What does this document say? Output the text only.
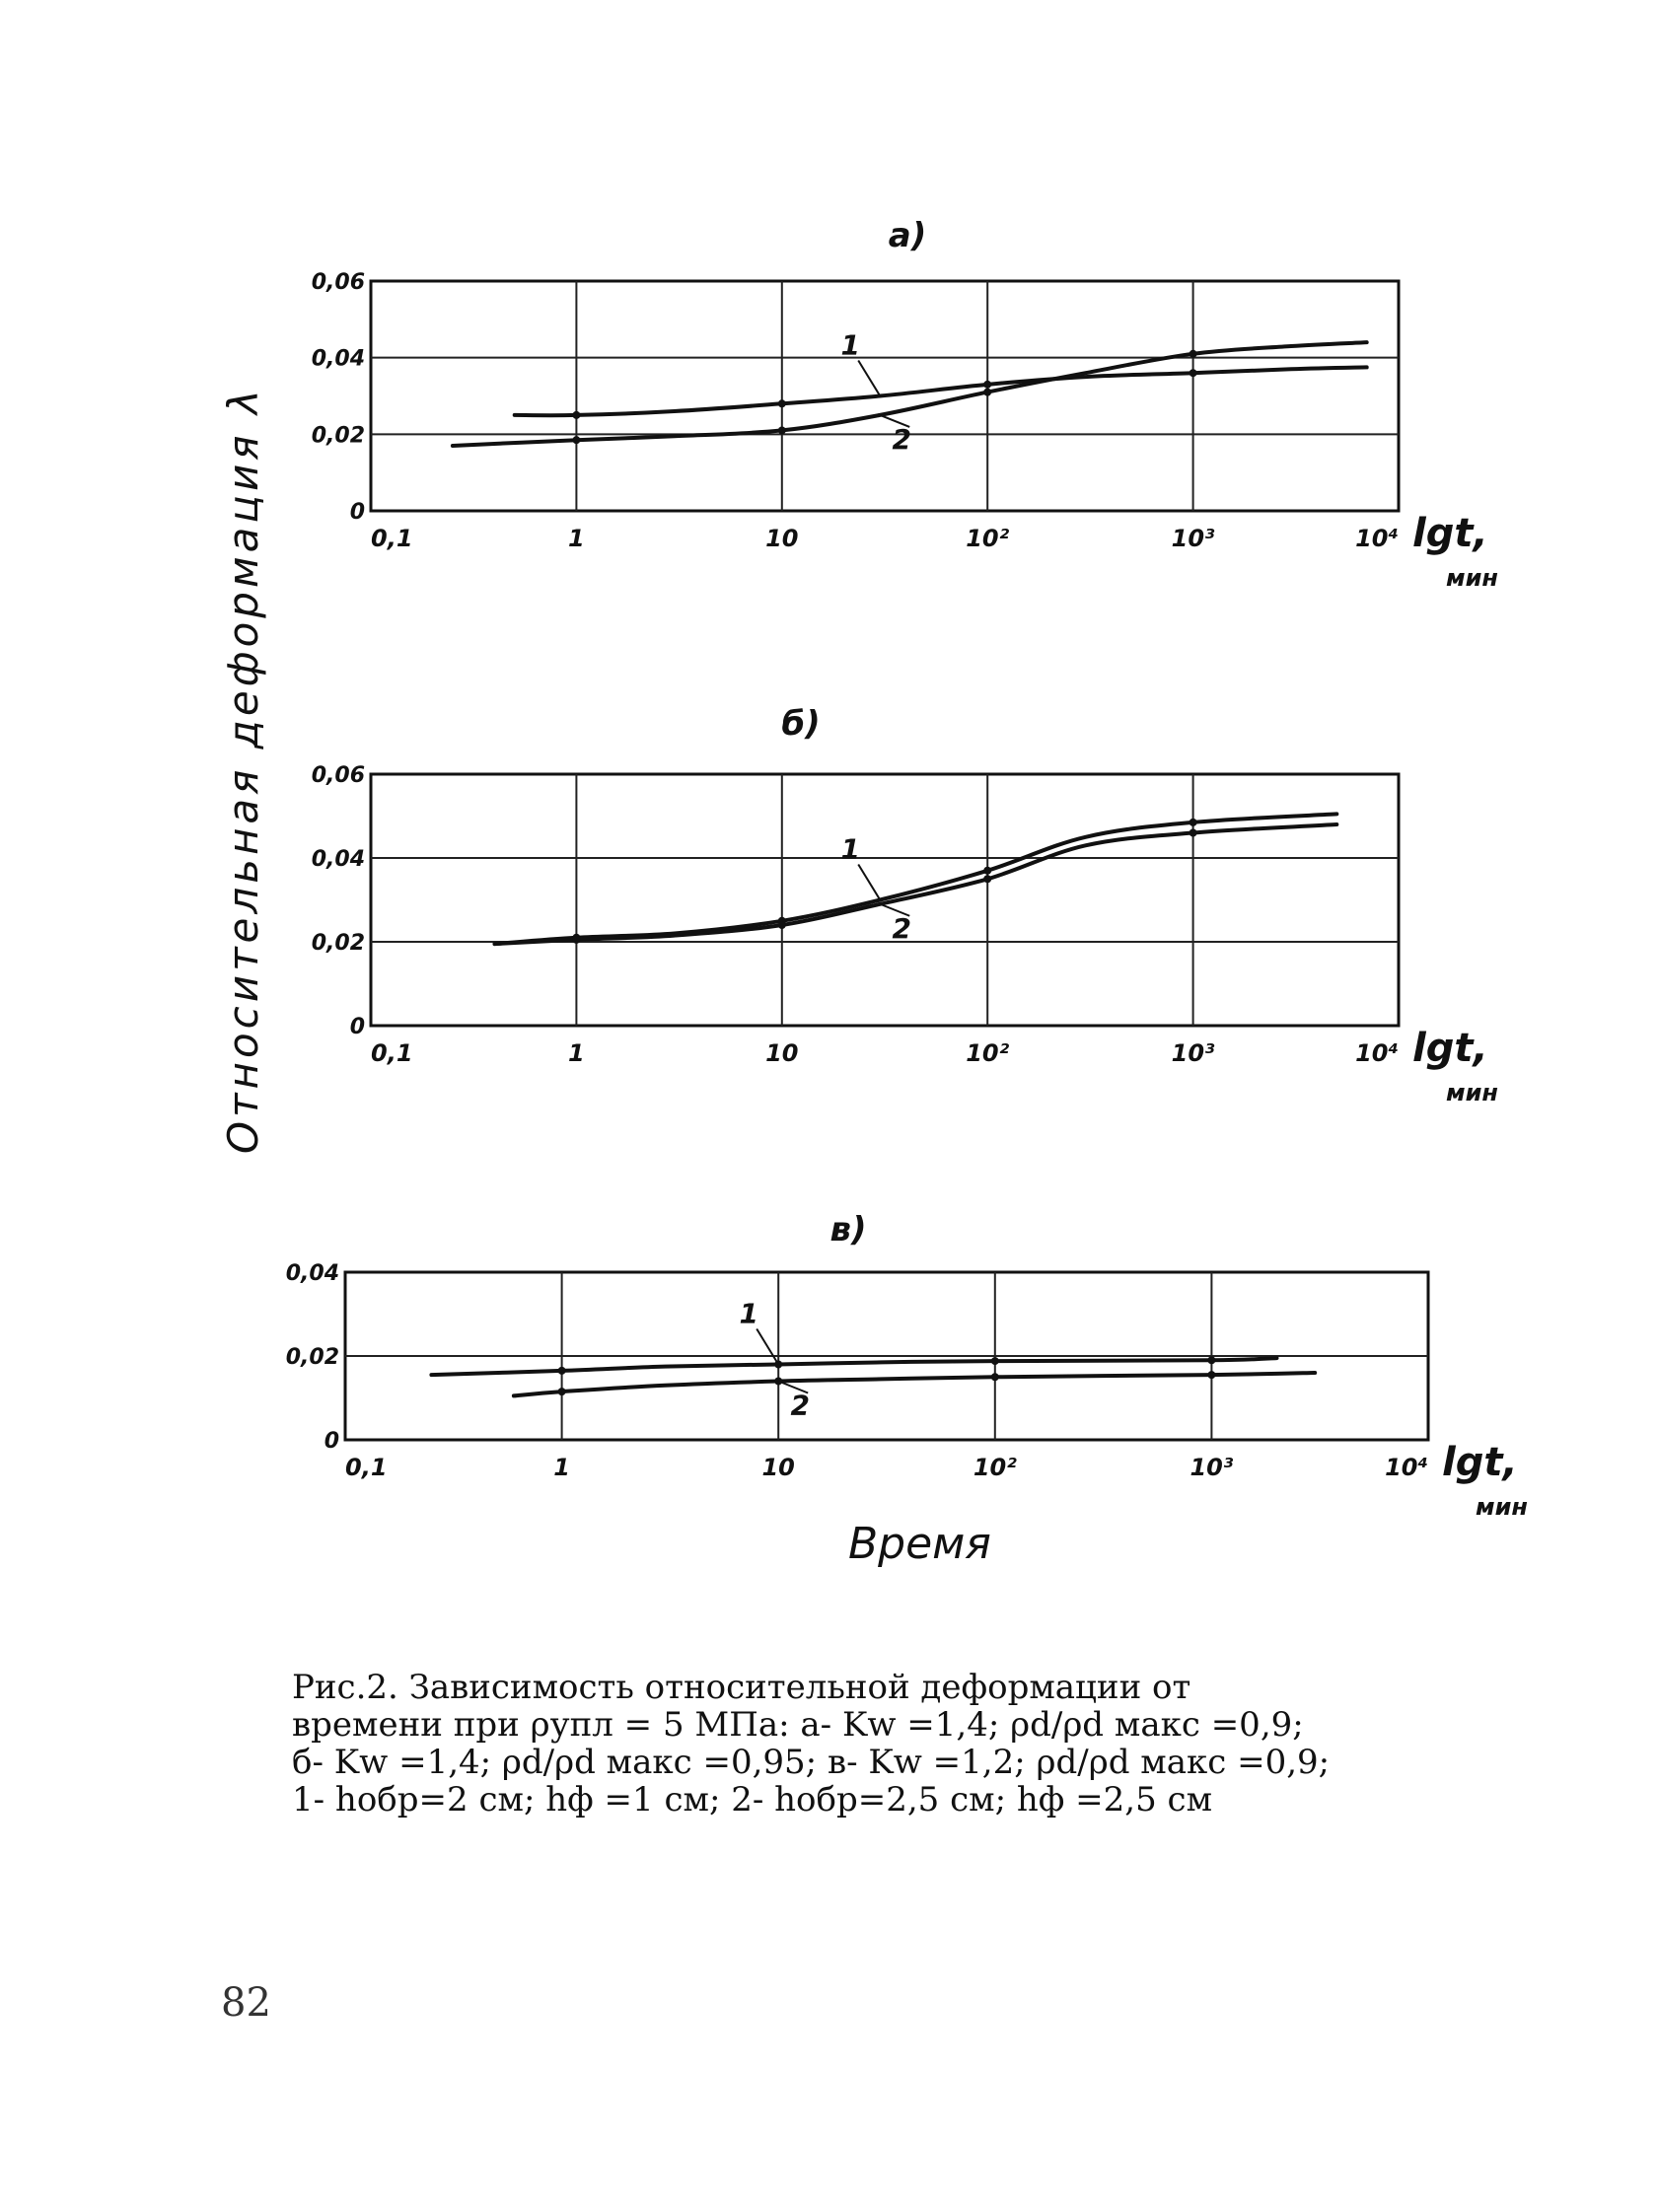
0,1	1	10	10²	10³	10⁴
0
0,02
0,04
0,06
lgt,
мин
а)
1
2
0,1	1	10	10²	10³	10⁴
0
0,02
0,04
0,06
lgt,
мин
б)
1
2
0,1	1	10	10²	10³	10⁴
0
0,02
0,04
lgt,
мин
в)
1
2
Относительная деформация λ
Время

Рис.2. Зависимость относительной деформации от

времени при ρупл = 5 МПа: а- Kw =1,4; ρd/ρd макс =0,9;

б- Kw =1,4; ρd/ρd макс =0,95; в- Kw =1,2; ρd/ρd макс =0,9;

1- hобр=2 см; hф =1 см; 2- hобр=2,5 см; hф =2,5 см

82
